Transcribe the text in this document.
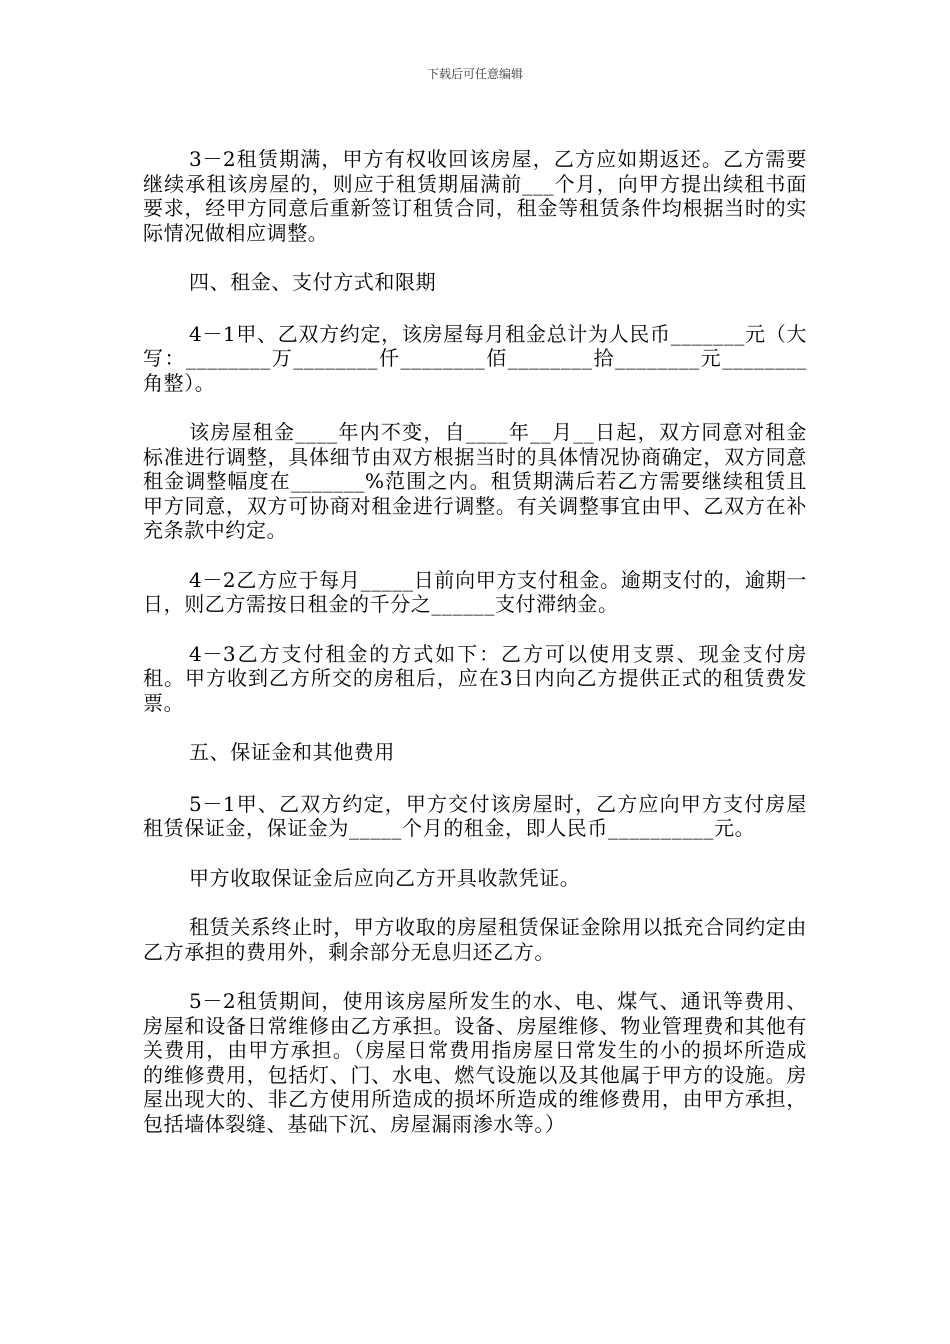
下载后可任意编辑

3－2租赁期满，甲方有权收回该房屋，乙方应如期返还。乙方需要继续承租该房屋的，则应于租赁期届满前___个月，向甲方提出续租书面要求，经甲方同意后重新签订租赁合同，租金等租赁条件均根据当时的实际情况做相应调整。

四、租金、支付方式和限期

4－1甲、乙双方约定，该房屋每月租金总计为人民币_______元（大写：________万________仟________佰________拾________元________角整）。

该房屋租金____年内不变，自____年__月__日起，双方同意对租金标准进行调整，具体细节由双方根据当时的具体情况协商确定，双方同意租金调整幅度在_______%范围之内。租赁期满后若乙方需要继续租赁且甲方同意，双方可协商对租金进行调整。有关调整事宜由甲、乙双方在补充条款中约定。

4－2乙方应于每月_____日前向甲方支付租金。逾期支付的，逾期一日，则乙方需按日租金的千分之______支付滞纳金。

4－3乙方支付租金的方式如下：乙方可以使用支票、现金支付房租。甲方收到乙方所交的房租后，应在3日内向乙方提供正式的租赁费发票。

五、保证金和其他费用

5－1甲、乙双方约定，甲方交付该房屋时，乙方应向甲方支付房屋租赁保证金，保证金为_____个月的租金，即人民币__________元。

甲方收取保证金后应向乙方开具收款凭证。

租赁关系终止时，甲方收取的房屋租赁保证金除用以抵充合同约定由乙方承担的费用外，剩余部分无息归还乙方。

5－2租赁期间，使用该房屋所发生的水、电、煤气、通讯等费用、房屋和设备日常维修由乙方承担。设备、房屋维修、物业管理费和其他有关费用，由甲方承担。（房屋日常费用指房屋日常发生的小的损坏所造成的维修费用，包括灯、门、水电、燃气设施以及其他属于甲方的设施。房屋出现大的、非乙方使用所造成的损坏所造成的维修费用，由甲方承担，包括墙体裂缝、基础下沉、房屋漏雨渗水等。）
